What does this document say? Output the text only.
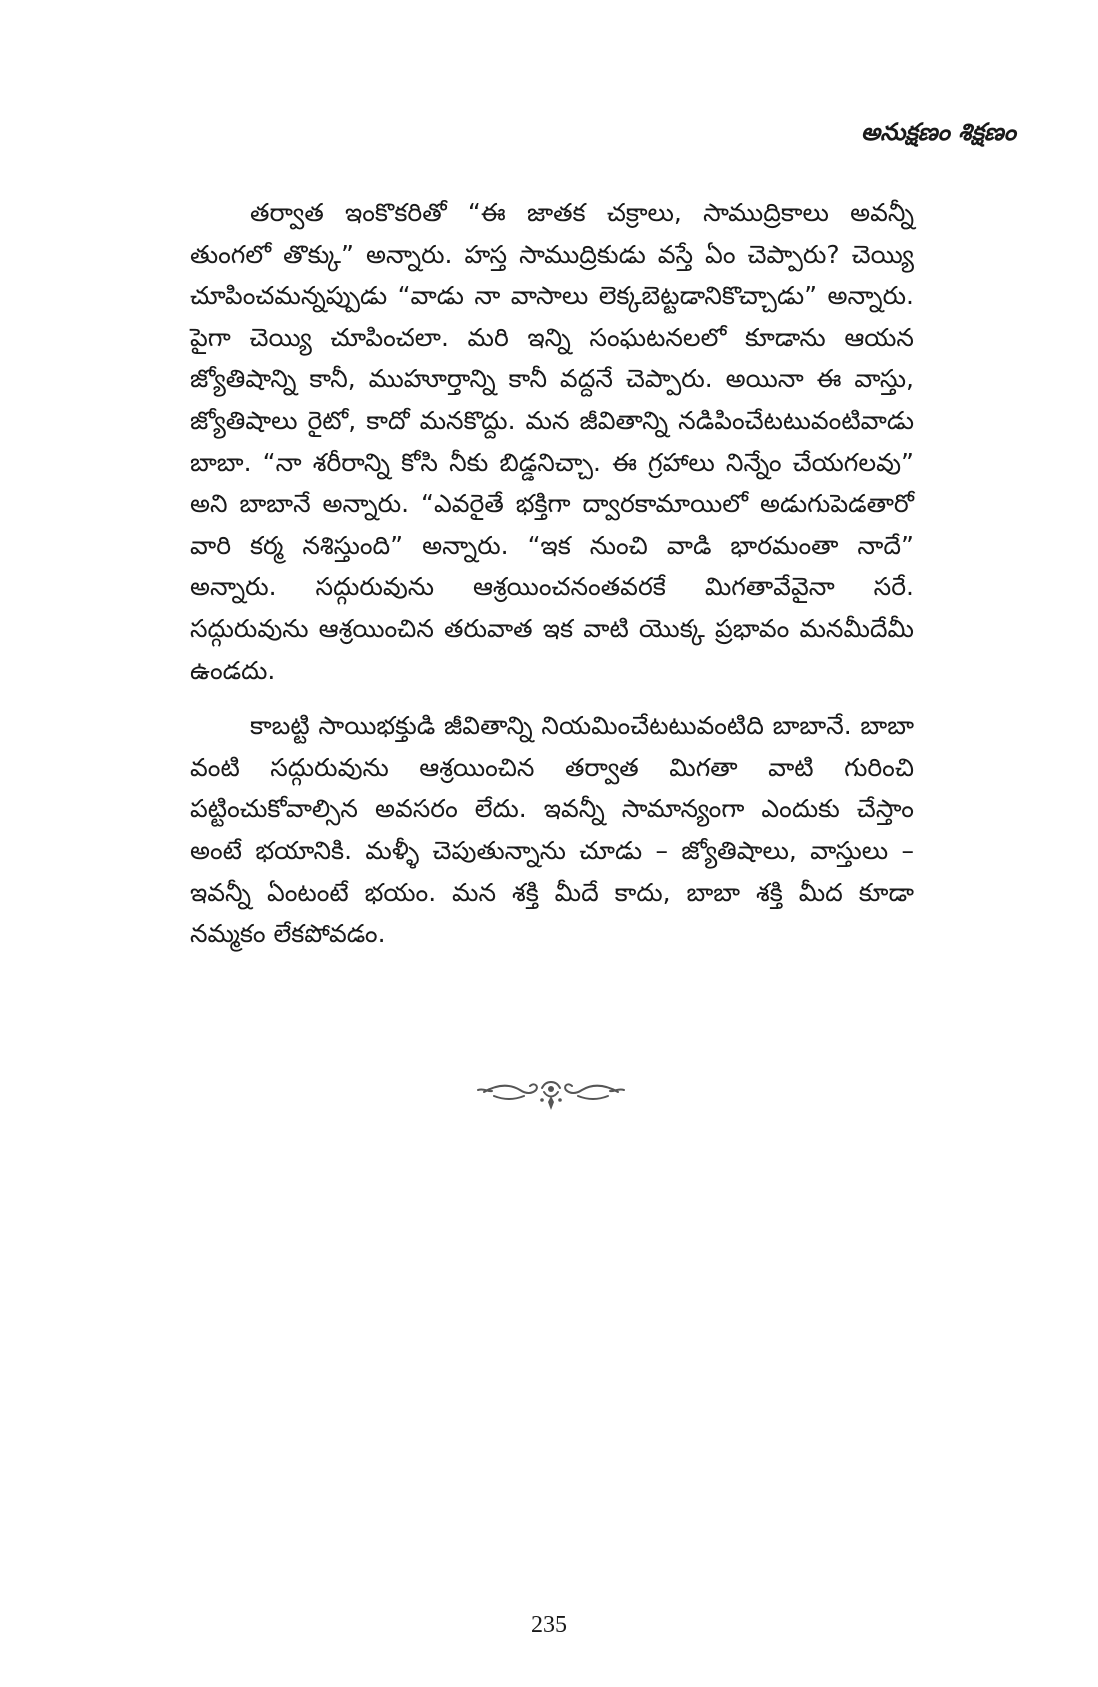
అనుక్షణం శిక్షణం

తర్వాత ఇంకొకరితో “ఈ జాతక చక్రాలు, సాముద్రికాలు అవన్నీ తుంగలో తొక్కు” అన్నారు. హస్త సాముద్రికుడు వస్తే ఏం చెప్పారు? చెయ్యి చూపించమన్నప్పుడు “వాడు నా వాసాలు లెక్కబెట్టడానికొచ్చాడు” అన్నారు. పైగా చెయ్యి చూపించలా. మరి ఇన్ని సంఘటనలలో కూడాను ఆయన జ్యోతిషాన్ని కానీ, ముహూర్తాన్ని కానీ వద్దనే చెప్పారు. అయినా ఈ వాస్తు, జ్యోతిషాలు రైటో, కాదో మనకొద్దు. మన జీవితాన్ని నడిపించేటటువంటివాడు బాబా. “నా శరీరాన్ని కోసి నీకు బిడ్డనిచ్చా. ఈ గ్రహాలు నిన్నేం చేయగలవు” అని బాబానే అన్నారు. “ఎవరైతే భక్తిగా ద్వారకామాయిలో అడుగుపెడతారో వారి కర్మ నశిస్తుంది” అన్నారు. “ఇక నుంచి వాడి భారమంతా నాదే” అన్నారు. సద్గురువును ఆశ్రయించనంతవరకే మిగతావేవైనా సరే. సద్గురువును ఆశ్రయించిన తరువాత ఇక వాటి యొక్క ప్రభావం మనమీదేమీ ఉండదు.

కాబట్టి సాయిభక్తుడి జీవితాన్ని నియమించేటటువంటిది బాబానే. బాబా వంటి సద్గురువును ఆశ్రయించిన తర్వాత మిగతా వాటి గురించి పట్టించుకోవాల్సిన అవసరం లేదు. ఇవన్నీ సామాన్యంగా ఎందుకు చేస్తాం అంటే భయానికి. మళ్ళీ చెపుతున్నాను చూడు – జ్యోతిషాలు, వాస్తులు – ఇవన్నీ ఏంటంటే భయం. మన శక్తి మీదే కాదు, బాబా శక్తి మీద కూడా నమ్మకం లేకపోవడం.

235
